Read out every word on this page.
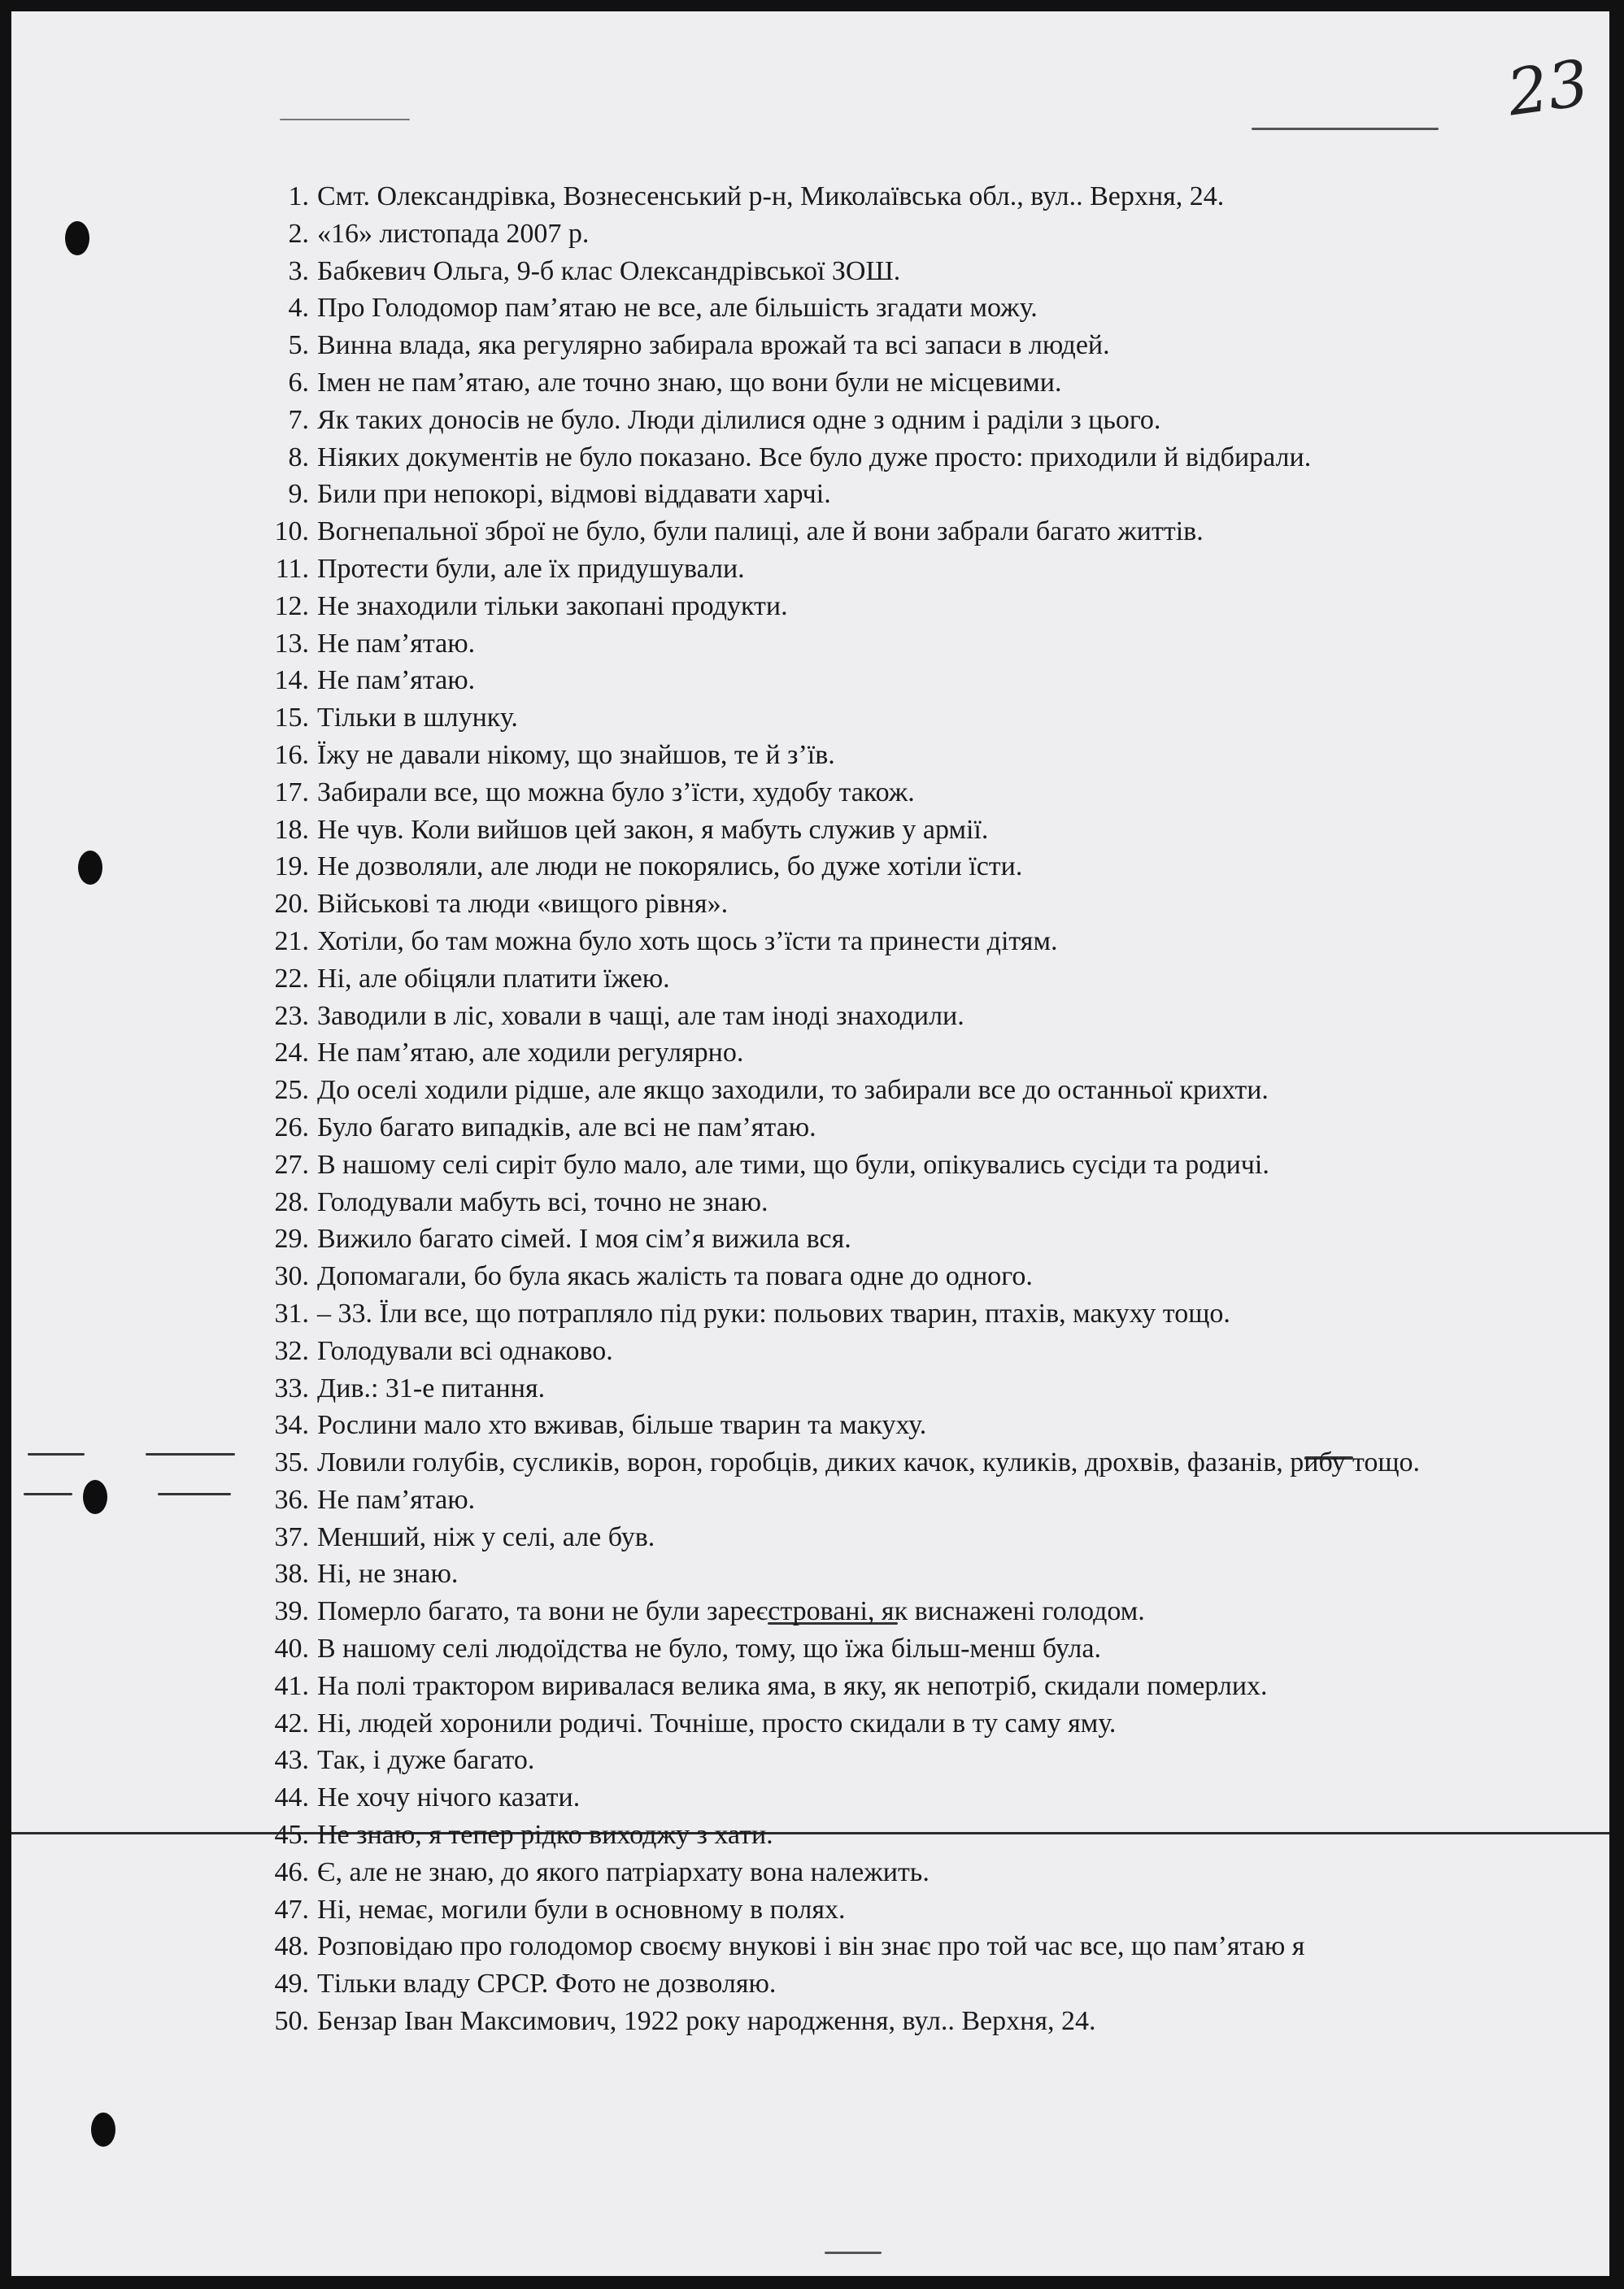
23
1. Смт. Олександрівка, Вознесенський р-н, Миколаївська обл., вул.. Верхня, 24.
2. «16» листопада 2007 р.
3. Бабкевич Ольга, 9-б клас Олександрівської ЗОШ.
4. Про Голодомор пам’ятаю не все, але більшість згадати можу.
5. Винна влада, яка регулярно забирала врожай та всі запаси в людей.
6. Імен не пам’ятаю, але точно знаю, що вони були не місцевими.
7. Як таких доносів не було. Люди ділилися одне з одним і раділи з цього.
8. Ніяких документів не було показано. Все було дуже просто: приходили й відбирали.
9. Били при непокорі, відмові віддавати харчі.
10. Вогнепальної зброї не було, були палиці, але й вони забрали багато життів.
11. Протести були, але їх придушували.
12. Не знаходили тільки закопані продукти.
13. Не пам’ятаю.
14. Не пам’ятаю.
15. Тільки в шлунку.
16. Їжу не давали нікому, що знайшов, те й з’їв.
17. Забирали все, що можна було з’їсти, худобу також.
18. Не чув. Коли вийшов цей закон, я мабуть служив у армії.
19. Не дозволяли, але люди не покорялись, бо дуже хотіли їсти.
20. Військові та люди «вищого рівня».
21. Хотіли, бо там можна було хоть щось з’їсти та принести дітям.
22. Ні, але обіцяли платити їжею.
23. Заводили в ліс, ховали в чащі, але там іноді знаходили.
24. Не пам’ятаю, але ходили регулярно.
25. До оселі ходили рідше, але якщо заходили, то забирали все до останньої крихти.
26. Було багато випадків, але всі не пам’ятаю.
27. В нашому селі сиріт було мало, але тими, що були, опікувались сусіди та родичі.
28. Голодували мабуть всі, точно не знаю.
29. Вижило багато сімей. І моя сім’я вижила вся.
30. Допомагали, бо була якась жалість та повага одне до одного.
31. – 33. Їли все, що потрапляло під руки: польових тварин, птахів, макуху тощо.
32. Голодували всі однаково.
33. Див.: 31-е питання.
34. Рослини мало хто вживав, більше тварин та макуху.
35. Ловили голубів, сусликів, ворон, горобців, диких качок, куликів, дрохвів, фазанів, рибу тощо.
36. Не пам’ятаю.
37. Менший, ніж у селі, але був.
38. Ні, не знаю.
39. Померло багато, та вони не були зареєстровані, як виснажені голодом.
40. В нашому селі людоїдства не було, тому, що їжа більш-менш була.
41. На полі трактором виривалася велика яма, в яку, як непотріб, скидали померлих.
42. Ні, людей хоронили родичі. Точніше, просто скидали в ту саму яму.
43. Так, і дуже багато.
44. Не хочу нічого казати.
45. Не знаю, я тепер рідко виходжу з хати.
46. Є, але не знаю, до якого патріархату вона належить.
47. Ні, немає, могили були в основному в полях.
48. Розповідаю про голодомор своєму внукові і він знає про той час все, що пам’ятаю я
49. Тільки владу СРСР. Фото не дозволяю.
50. Бензар Іван Максимович, 1922 року народження, вул.. Верхня, 24.
